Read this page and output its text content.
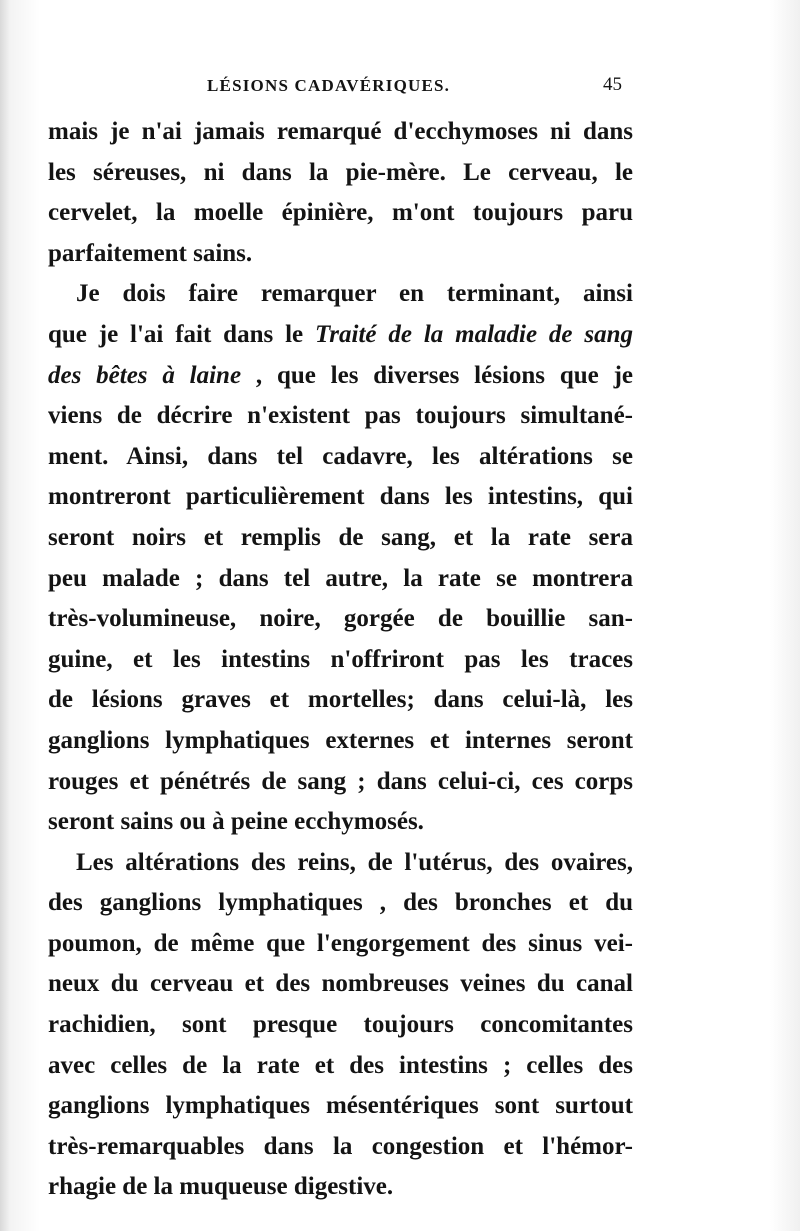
LÉSIONS CADAVÉRIQUES.	45

mais je n'ai jamais remarqué d'ecchymoses ni dans
les séreuses, ni dans la pie-mère. Le cerveau, le
cervelet, la moelle épinière, m'ont toujours paru
parfaitement sains.

Je dois faire remarquer en terminant, ainsi
que je l'ai fait dans le Traité de la maladie de sang
des bêtes à laine , que les diverses lésions que je
viens de décrire n'existent pas toujours simultané-
ment. Ainsi, dans tel cadavre, les altérations se
montreront particulièrement dans les intestins, qui
seront noirs et remplis de sang, et la rate sera
peu malade ; dans tel autre, la rate se montrera
très-volumineuse, noire, gorgée de bouillie san-
guine, et les intestins n'offriront pas les traces
de lésions graves et mortelles; dans celui-là, les
ganglions lymphatiques externes et internes seront
rouges et pénétrés de sang ; dans celui-ci, ces corps
seront sains ou à peine ecchymosés.

Les altérations des reins, de l'utérus, des ovaires,
des ganglions lymphatiques , des bronches et du
poumon, de même que l'engorgement des sinus vei-
neux du cerveau et des nombreuses veines du canal
rachidien, sont presque toujours concomitantes
avec celles de la rate et des intestins ; celles des
ganglions lymphatiques mésentériques sont surtout
très-remarquables dans la congestion et l'hémor-
rhagie de la muqueuse digestive.
